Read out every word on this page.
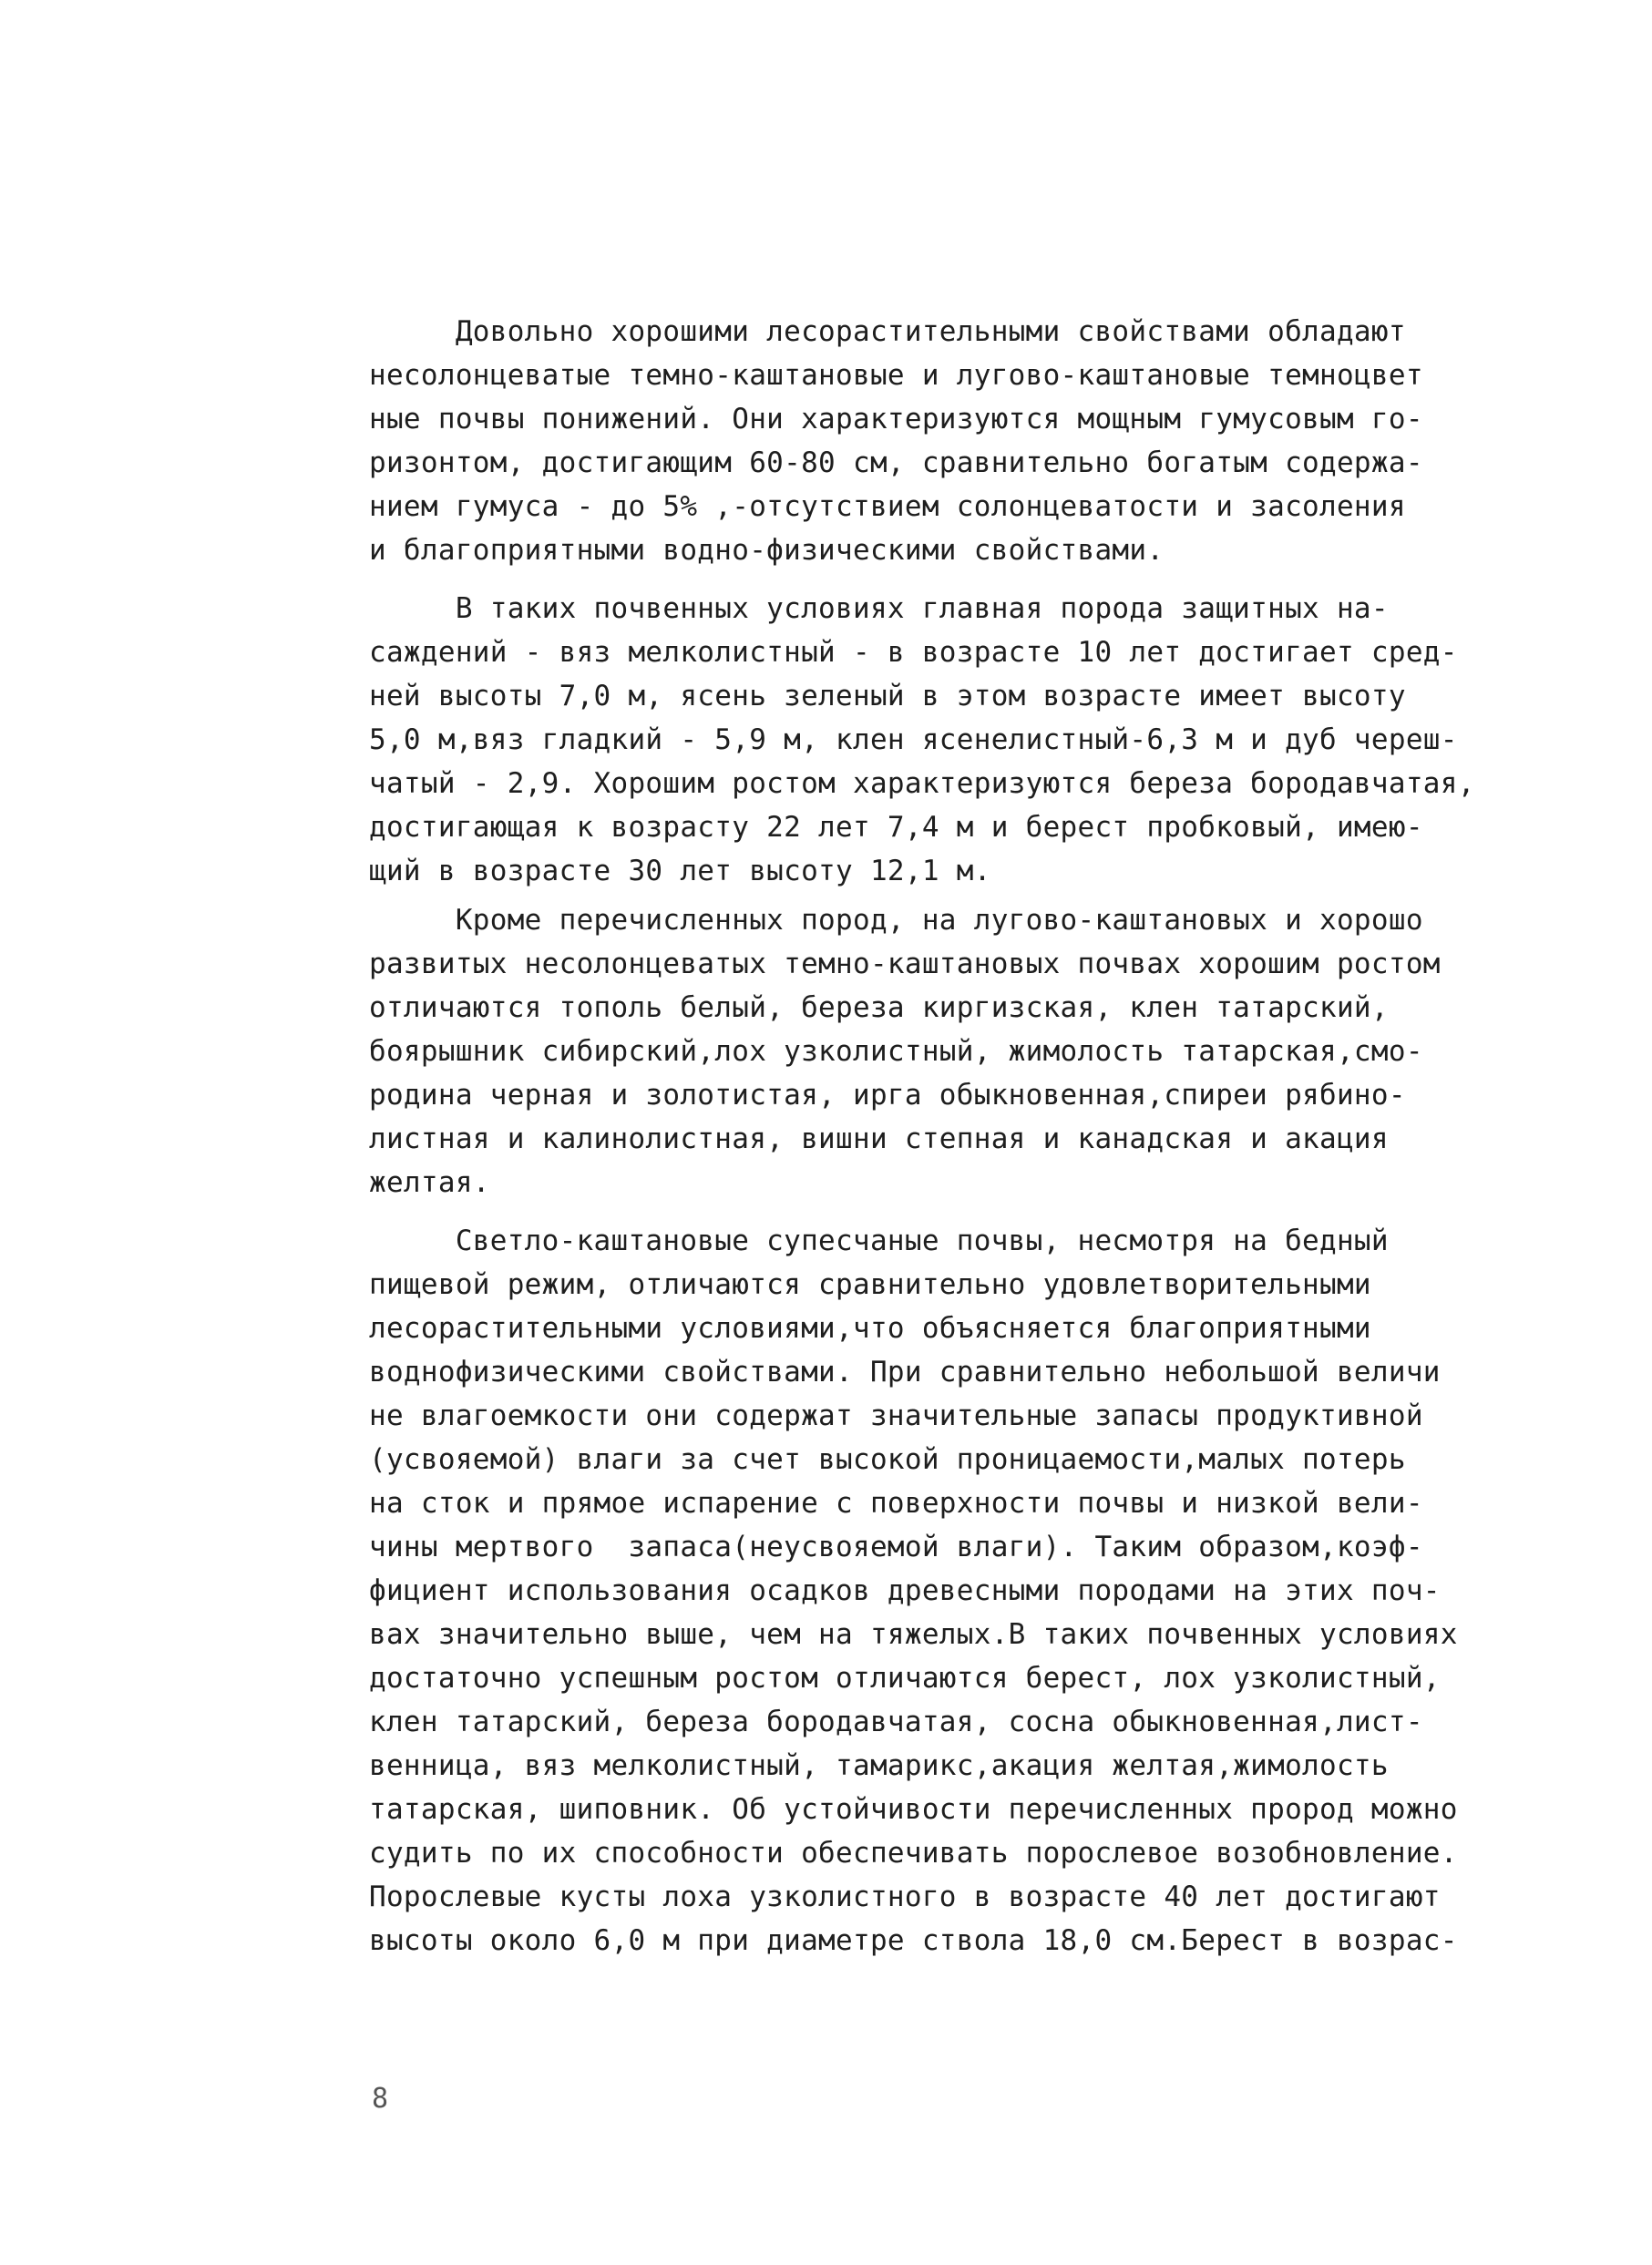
Довольно хорошими лесорастительными свойствами обладают
несолонцеватые темно-каштановые и лугово-каштановые темноцвет
ные почвы понижений. Они характеризуются мощным гумусовым го-
ризонтом, достигающим 60-80 см, сравнительно богатым содержа-
нием гумуса - до 5% ,-отсутствием солонцеватости и засоления
и благоприятными водно-физическими свойствами.
В таких почвенных условиях главная порода защитных на-
саждений - вяз мелколистный - в возрасте 10 лет достигает сред-
ней высоты 7,0 м, ясень зеленый в этом возрасте имеет высоту
5,0 м,вяз гладкий - 5,9 м, клен ясенелистный-6,3 м и дуб череш-
чатый - 2,9. Хорошим ростом характеризуются береза бородавчатая,
достигающая к возрасту 22 лет 7,4 м и берест пробковый, имею-
щий в возрасте 30 лет высоту 12,1 м.
Кроме перечисленных пород, на лугово-каштановых и хорошо
развитых несолонцеватых темно-каштановых почвах хорошим ростом
отличаются тополь белый, береза киргизская, клен татарский,
боярышник сибирский,лох узколистный, жимолость татарская,смо-
родина черная и золотистая, ирга обыкновенная,спиреи рябино-
листная и калинолистная, вишни степная и канадская и акация
желтая.
Светло-каштановые супесчаные почвы, несмотря на бедный
пищевой режим, отличаются сравнительно удовлетворительными
лесорастительными условиями,что объясняется благоприятными
воднофизическими свойствами. При сравнительно небольшой величи
не влагоемкости они содержат значительные запасы продуктивной
(усвояемой) влаги за счет высокой проницаемости,малых потерь
на сток и прямое испарение с поверхности почвы и низкой вели-
чины мертвого  запаса(неусвояемой влаги). Таким образом,коэф-
фициент использования осадков древесными породами на этих поч-
вах значительно выше, чем на тяжелых.В таких почвенных условиях
достаточно успешным ростом отличаются берест, лох узколистный,
клен татарский, береза бородавчатая, сосна обыкновенная,лист-
венница, вяз мелколистный, тамарикс,акация желтая,жимолость
татарская, шиповник. Об устойчивости перечисленных прород можно
судить по их способности обеспечивать порослевое возобновление.
Порослевые кусты лоха узколистного в возрасте 40 лет достигают
высоты около 6,0 м при диаметре ствола 18,0 см.Берест в возрас-
8
